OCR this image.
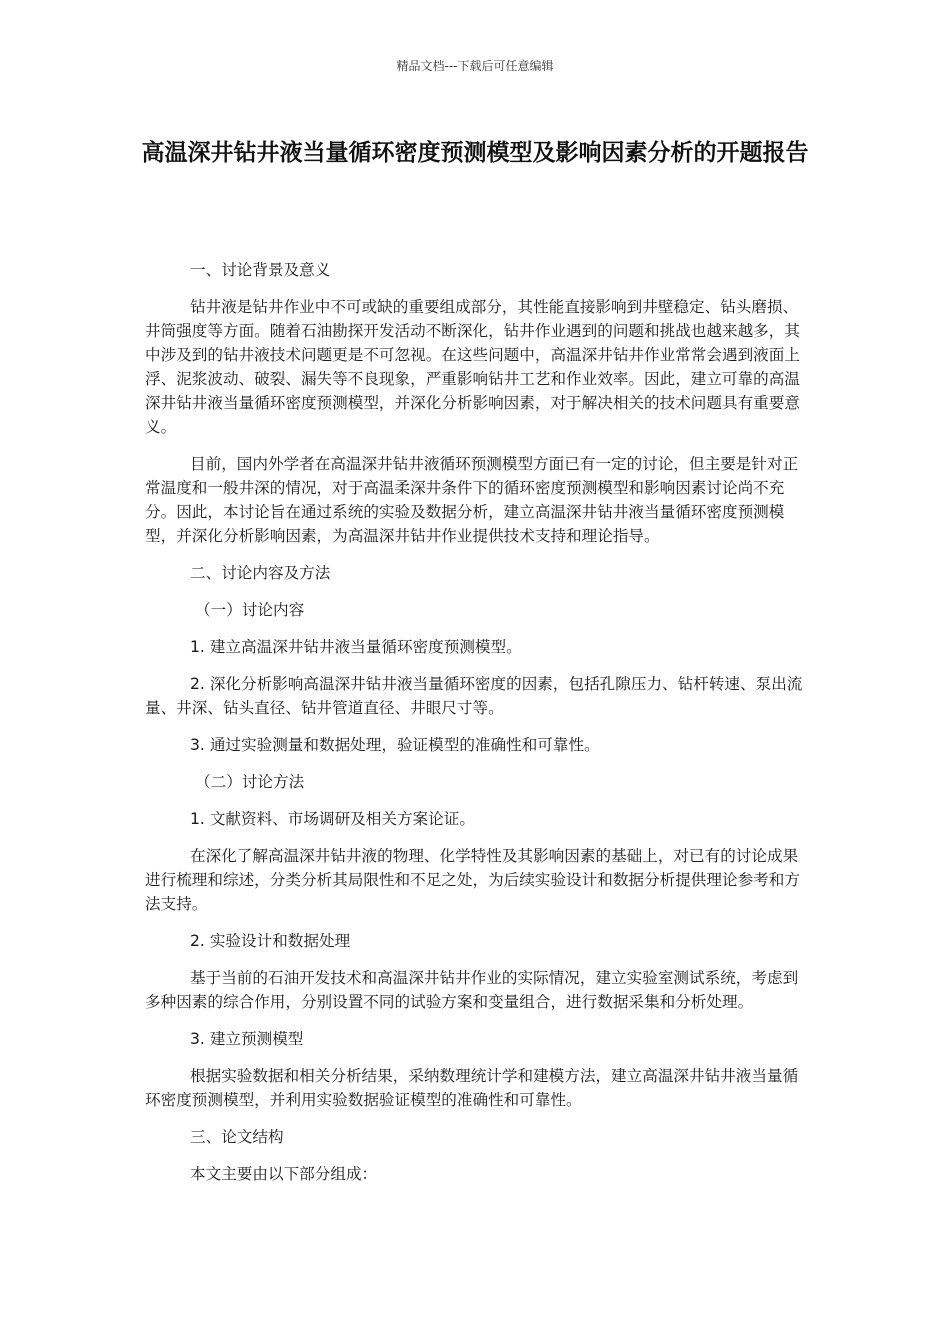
精品文档---下载后可任意编辑
高温深井钻井液当量循环密度预测模型及影响因素分析的开题报告

一、讨论背景及意义

钻井液是钻井作业中不可或缺的重要组成部分，其性能直接影响到井壁稳定、钻头磨损、井筒强度等方面。随着石油勘探开发活动不断深化，钻井作业遇到的问题和挑战也越来越多，其中涉及到的钻井液技术问题更是不可忽视。在这些问题中，高温深井钻井作业常常会遇到液面上浮、泥浆波动、破裂、漏失等不良现象，严重影响钻井工艺和作业效率。因此，建立可靠的高温深井钻井液当量循环密度预测模型，并深化分析影响因素，对于解决相关的技术问题具有重要意义。

目前，国内外学者在高温深井钻井液循环预测模型方面已有一定的讨论，但主要是针对正常温度和一般井深的情况，对于高温柔深井条件下的循环密度预测模型和影响因素讨论尚不充分。因此，本讨论旨在通过系统的实验及数据分析，建立高温深井钻井液当量循环密度预测模型，并深化分析影响因素，为高温深井钻井作业提供技术支持和理论指导。

二、讨论内容及方法

（一）讨论内容

1. 建立高温深井钻井液当量循环密度预测模型。

2. 深化分析影响高温深井钻井液当量循环密度的因素，包括孔隙压力、钻杆转速、泵出流量、井深、钻头直径、钻井管道直径、井眼尺寸等。

3. 通过实验测量和数据处理，验证模型的准确性和可靠性。

（二）讨论方法

1. 文献资料、市场调研及相关方案论证。

在深化了解高温深井钻井液的物理、化学特性及其影响因素的基础上，对已有的讨论成果进行梳理和综述，分类分析其局限性和不足之处，为后续实验设计和数据分析提供理论参考和方法支持。

2. 实验设计和数据处理

基于当前的石油开发技术和高温深井钻井作业的实际情况，建立实验室测试系统，考虑到多种因素的综合作用，分别设置不同的试验方案和变量组合，进行数据采集和分析处理。

3. 建立预测模型

根据实验数据和相关分析结果，采纳数理统计学和建模方法，建立高温深井钻井液当量循环密度预测模型，并利用实验数据验证模型的准确性和可靠性。

三、论文结构

本文主要由以下部分组成：
